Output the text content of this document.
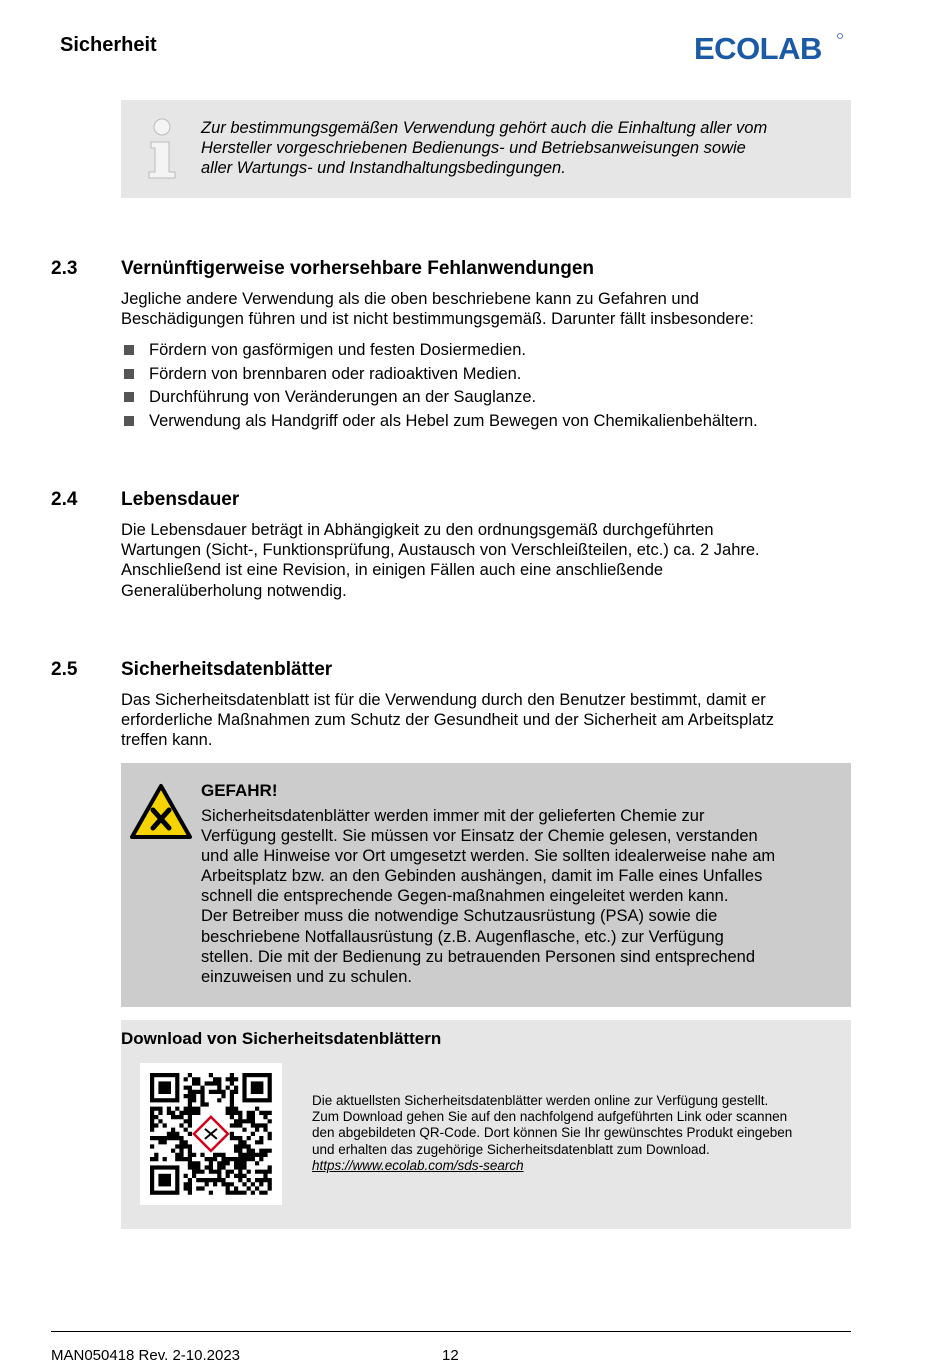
Sicherheit	ECOLAB
Zur bestimmungsgemäßen Verwendung gehört auch die Einhaltung aller vom
Hersteller vorgeschriebenen Bedienungs- und Betriebsanweisungen sowie
aller Wartungs- und Instandhaltungsbedingungen.
2.3 Vernünftigerweise vorhersehbare Fehlanwendungen
Jegliche andere Verwendung als die oben beschriebene kann zu Gefahren und
Beschädigungen führen und ist nicht bestimmungsgemäß. Darunter fällt insbesondere:
Fördern von gasförmigen und festen Dosiermedien.
Fördern von brennbaren oder radioaktiven Medien.
Durchführung von Veränderungen an der Sauglanze.
Verwendung als Handgriff oder als Hebel zum Bewegen von Chemikalienbehältern.
2.4 Lebensdauer
Die Lebensdauer beträgt in Abhängigkeit zu den ordnungsgemäß durchgeführten
Wartungen (Sicht-, Funktionsprüfung, Austausch von Verschleißteilen, etc.) ca. 2 Jahre.
Anschließend ist eine Revision, in einigen Fällen auch eine anschließende
Generalüberholung notwendig.
2.5 Sicherheitsdatenblätter
Das Sicherheitsdatenblatt ist für die Verwendung durch den Benutzer bestimmt, damit er
erforderliche Maßnahmen zum Schutz der Gesundheit und der Sicherheit am Arbeitsplatz
treffen kann.
GEFAHR!
Sicherheitsdatenblätter werden immer mit der gelieferten Chemie zur
Verfügung gestellt. Sie müssen vor Einsatz der Chemie gelesen, verstanden
und alle Hinweise vor Ort umgesetzt werden. Sie sollten idealerweise nahe am
Arbeitsplatz bzw. an den Gebinden aushängen, damit im Falle eines Unfalles
schnell die entsprechende Gegen-maßnahmen eingeleitet werden kann.
Der Betreiber muss die notwendige Schutzausrüstung (PSA) sowie die
beschriebene Notfallausrüstung (z.B. Augenflasche, etc.) zur Verfügung
stellen. Die mit der Bedienung zu betrauenden Personen sind entsprechend
einzuweisen und zu schulen.
Download von Sicherheitsdatenblättern
Die aktuellsten Sicherheitsdatenblätter werden online zur Verfügung gestellt.
Zum Download gehen Sie auf den nachfolgend aufgeführten Link oder scannen
den abgebildeten QR-Code. Dort können Sie Ihr gewünschtes Produkt eingeben
und erhalten das zugehörige Sicherheitsdatenblatt zum Download.
https://www.ecolab.com/sds-search
MAN050418 Rev. 2-10.2023	12
